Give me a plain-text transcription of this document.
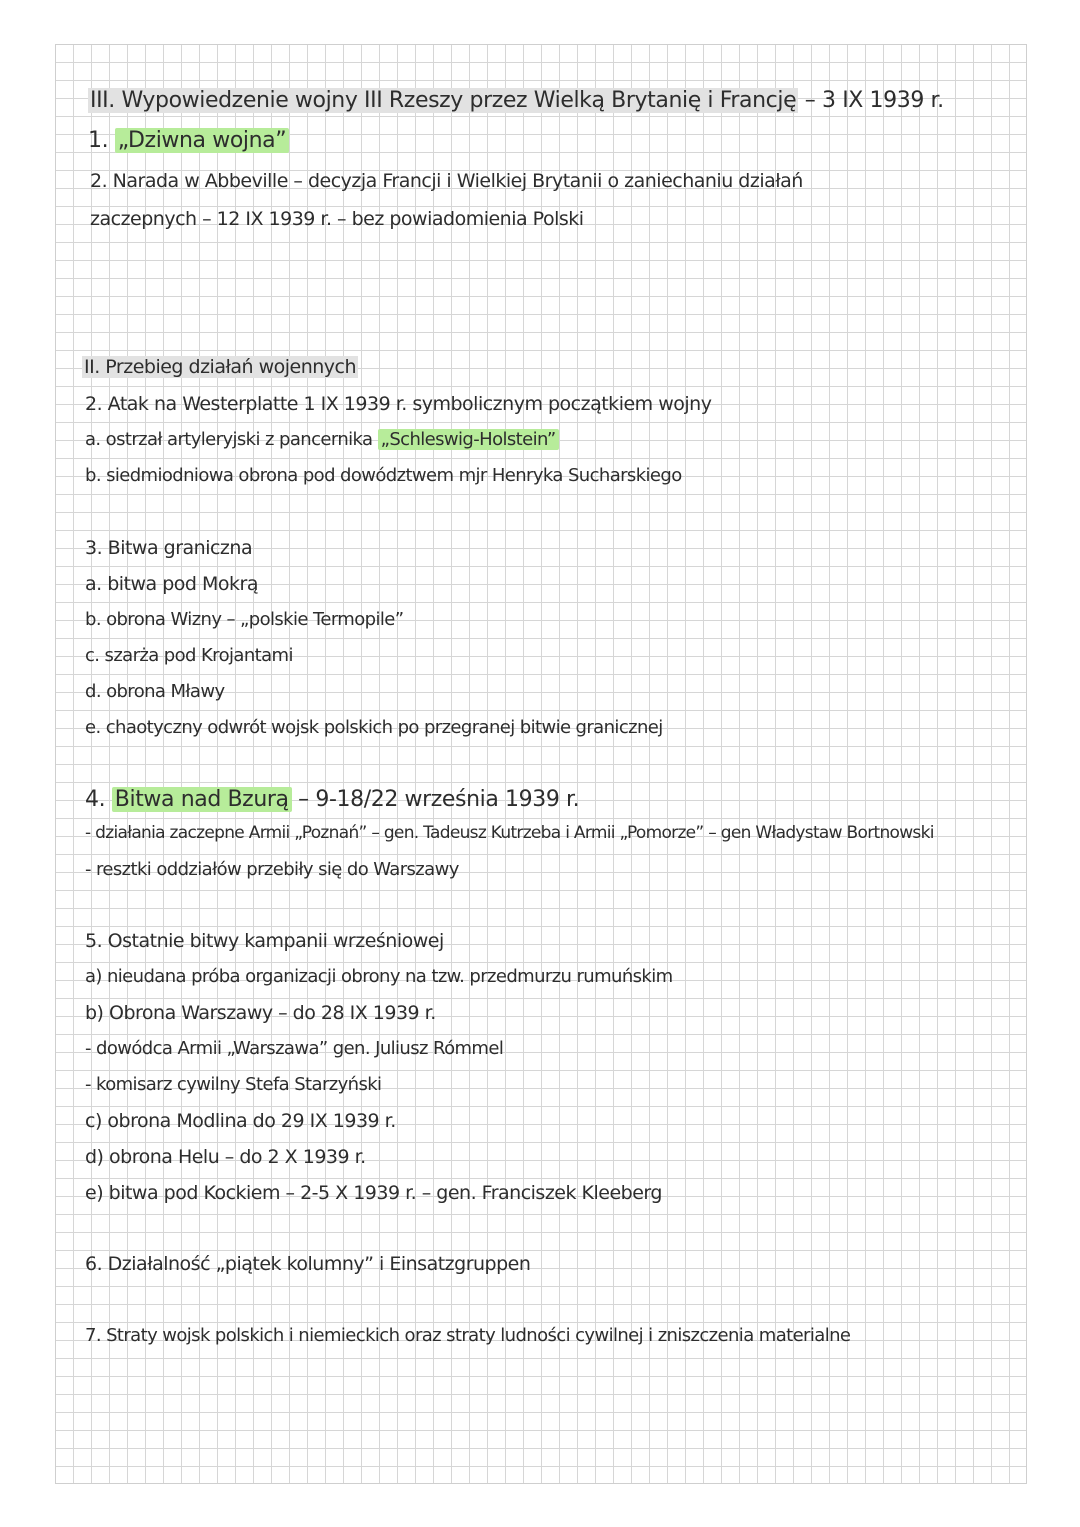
III. Wypowiedzenie wojny III Rzeszy przez Wielką Brytanię i Francję – 3 IX 1939 r.
1. „Dziwna wojna”
2. Narada w Abbeville – decyzja Francji i Wielkiej Brytanii o zaniechaniu działań
zaczepnych – 12 IX 1939 r. – bez powiadomienia Polski
II. Przebieg działań wojennych
2. Atak na Westerplatte 1 IX 1939 r. symbolicznym początkiem wojny
a. ostrzał artyleryjski z pancernika „Schleswig-Holstein”
b. siedmiodniowa obrona pod dowództwem mjr Henryka Sucharskiego
3. Bitwa graniczna
a. bitwa pod Mokrą
b. obrona Wizny – „polskie Termopile”
c. szarża pod Krojantami
d. obrona Mławy
e. chaotyczny odwrót wojsk polskich po przegranej bitwie granicznej
4. Bitwa nad Bzurą – 9-18/22 września 1939 r.
- działania zaczepne Armii „Poznań” – gen. Tadeusz Kutrzeba i Armii „Pomorze” – gen Władystaw Bortnowski
- resztki oddziałów przebiły się do Warszawy
5. Ostatnie bitwy kampanii wrześniowej
a) nieudana próba organizacji obrony na tzw. przedmurzu rumuńskim
b) Obrona Warszawy – do 28 IX 1939 r.
- dowódca Armii „Warszawa” gen. Juliusz Rómmel
- komisarz cywilny Stefa Starzyński
c) obrona Modlina do 29 IX 1939 r.
d) obrona Helu – do 2 X 1939 r.
e) bitwa pod Kockiem – 2-5 X 1939 r. – gen. Franciszek Kleeberg
6. Działalność „piątek kolumny” i Einsatzgruppen
7. Straty wojsk polskich i niemieckich oraz straty ludności cywilnej i zniszczenia materialne
